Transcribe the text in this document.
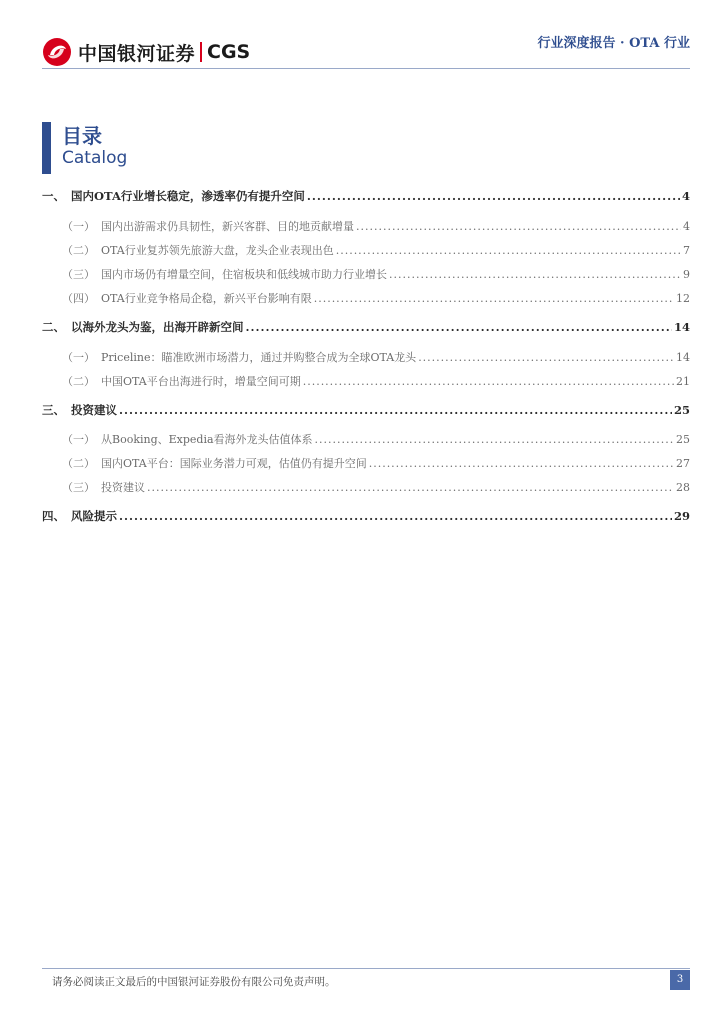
中国银河证券 CGS	行业深度报告 · OTA 行业
目录
Catalog
一、 国内OTA行业增长稳定，渗透率仍有提升空间 .....	4
（一） 国内出游需求仍具韧性，新兴客群、目的地贡献增量 .....	4
（二） OTA行业复苏领先旅游大盘，龙头企业表现出色 .....	7
（三） 国内市场仍有增量空间，住宿板块和低线城市助力行业增长 .....	9
（四） OTA行业竞争格局企稳，新兴平台影响有限 .....	12
二、 以海外龙头为鉴，出海开辟新空间 .....	14
（一） Priceline：瞄准欧洲市场潜力，通过并购整合成为全球OTA龙头 .....	14
（二） 中国OTA平台出海进行时，增量空间可期 .....	21
三、 投资建议 .....	25
（一） 从Booking、Expedia看海外龙头估值体系 .....	25
（二） 国内OTA平台：国际业务潜力可观，估值仍有提升空间 .....	27
（三） 投资建议 .....	28
四、 风险提示 .....	29
请务必阅读正文最后的中国银河证券股份有限公司免责声明。	3
